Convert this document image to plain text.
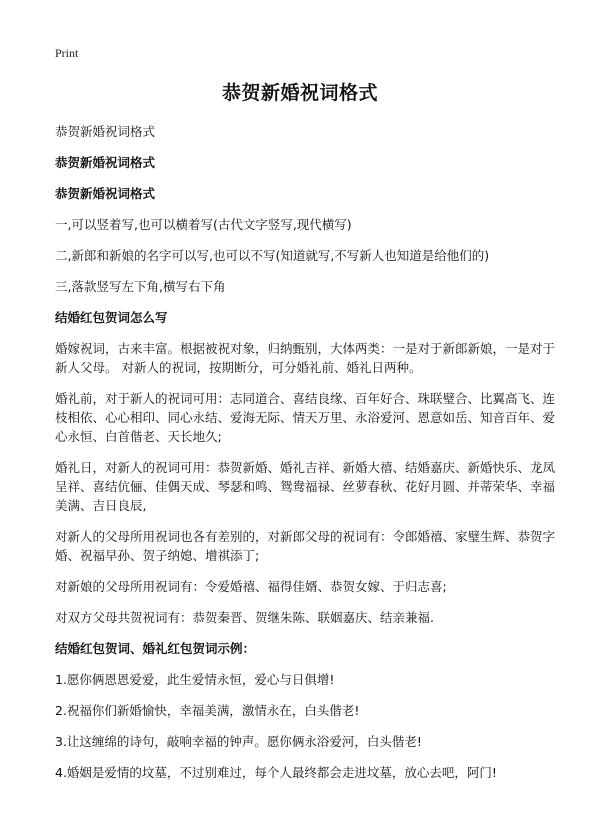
Print
恭贺新婚祝词格式

恭贺新婚祝词格式

恭贺新婚祝词格式

恭贺新婚祝词格式

一,可以竖着写,也可以横着写(古代文字竖写,现代横写)

二,新郎和新娘的名字可以写,也可以不写(知道就写,不写新人也知道是给他们的)

三,落款竖写左下角,横写右下角

结婚红包贺词怎么写

婚嫁祝词，古来丰富。根据被祝对象，归纳甄别，大体两类：一是对于新郎新娘，一是对于新人父母。 对新人的祝词，按期断分，可分婚礼前、婚礼日两种。

婚礼前，对于新人的祝词可用：志同道合、喜结良缘、百年好合、珠联璧合、比翼高飞、连枝相依、心心相印、同心永结、爱海无际、情天万里、永浴爱河、恩意如岳、知音百年、爱心永恒、白首偕老、天长地久;

婚礼日，对新人的祝词可用：恭贺新婚、婚礼吉祥、新婚大禧、结婚嘉庆、新婚快乐、龙凤呈祥、喜结伉俪、佳偶天成、琴瑟和鸣、鸳鸯福禄、丝萝春秋、花好月圆、并蒂荣华、幸福美满、吉日良辰,

对新人的父母所用祝词也各有差别的，对新郎父母的祝词有：令郎婚禧、家璧生辉、恭贺字婚、祝福早孙、贺子纳媳、增祺添丁;

对新娘的父母所用祝词有：令爱婚禧、福得佳婿、恭贺女嫁、于归志喜;

对双方父母共贺祝词有：恭贺秦晋、贺继朱陈、联姻嘉庆、结亲兼福.

结婚红包贺词、婚礼红包贺词示例：

1.愿你俩恩恩爱爱，此生爱情永恒，爱心与日俱增!

2.祝福你们新婚愉快，幸福美满，激情永在，白头偕老!

3.让这缠绵的诗句，敲响幸福的钟声。愿你俩永浴爱河，白头偕老!

4.婚姻是爱情的坟墓，不过别难过，每个人最终都会走进坟墓，放心去吧，阿门!
